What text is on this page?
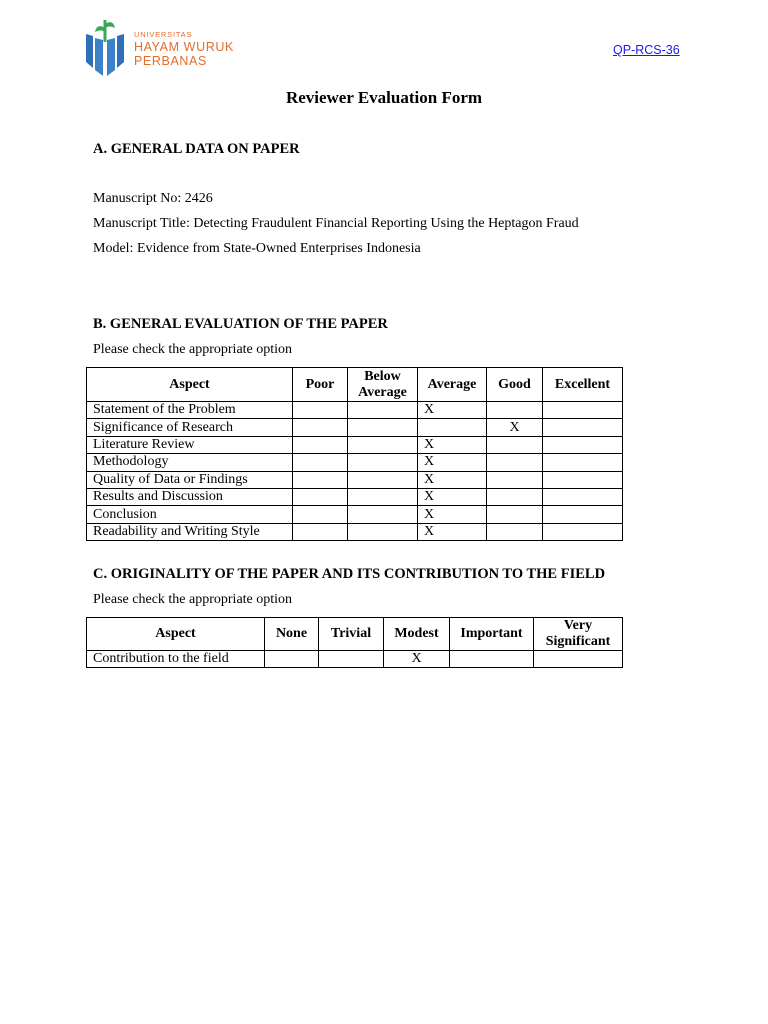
UNIVERSITAS
HAYAM WURUK
PERBANAS
QP-RCS-36
Reviewer Evaluation Form
A. GENERAL DATA ON PAPER
Manuscript No: 2426
Manuscript Title: Detecting Fraudulent Financial Reporting Using the Heptagon Fraud
Model: Evidence from State-Owned Enterprises Indonesia
B. GENERAL EVALUATION OF THE PAPER
Please check the appropriate option
Aspect	Poor	Below Average	Average	Good	Excellent
Statement of the Problem			X		
Significance of Research				X	
Literature Review			X		
Methodology			X		
Quality of Data or Findings			X		
Results and Discussion			X		
Conclusion			X		
Readability and Writing Style			X		
C. ORIGINALITY OF THE PAPER AND ITS CONTRIBUTION TO THE FIELD
Please check the appropriate option
Aspect	None	Trivial	Modest	Important	Very Significant
Contribution to the field			X		
